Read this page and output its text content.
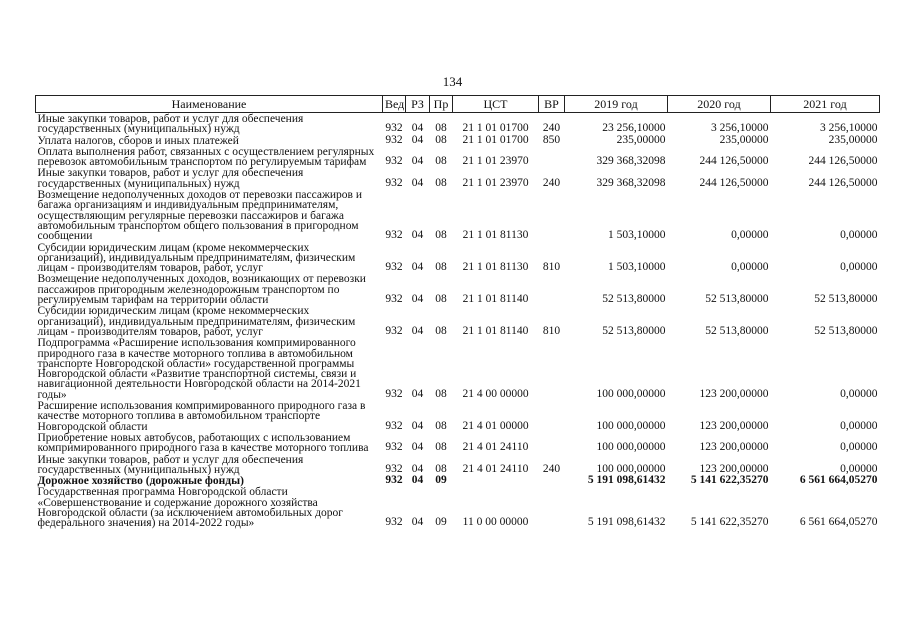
134
Наименование	Вед	РЗ	Пр	ЦСТ	ВР	2019 год	2020 год	2021 год
Иные закупки товаров, работ и услуг для обеспечения государственных (муниципальных) нужд	932	04	08	21 1 01 01700	240	23 256,10000	3 256,10000	3 256,10000
Уплата налогов, сборов и иных платежей	932	04	08	21 1 01 01700	850	235,00000	235,00000	235,00000
Оплата выполнения работ, связанных с осуществлением регулярных перевозок автомобильным транспортом по регулируемым тарифам	932	04	08	21 1 01 23970		329 368,32098	244 126,50000	244 126,50000
Иные закупки товаров, работ и услуг для обеспечения государственных (муниципальных) нужд	932	04	08	21 1 01 23970	240	329 368,32098	244 126,50000	244 126,50000
Возмещение недополученных доходов от перевозки пассажиров и багажа организациям и индивидуальным предпринимателям, осуществляющим регулярные перевозки пассажиров и багажа автомобильным транспортом общего пользования в пригородном сообщении	932	04	08	21 1 01 81130		1 503,10000	0,00000	0,00000
Субсидии юридическим лицам (кроме некоммерческих организаций), индивидуальным предпринимателям, физическим лицам - производителям товаров, работ, услуг	932	04	08	21 1 01 81130	810	1 503,10000	0,00000	0,00000
Возмещение недополученных доходов, возникающих от перевозки пассажиров пригородным железнодорожным транспортом по регулируемым тарифам на территории области	932	04	08	21 1 01 81140		52 513,80000	52 513,80000	52 513,80000
Субсидии юридическим лицам (кроме некоммерческих организаций), индивидуальным предпринимателям, физическим лицам - производителям товаров, работ, услуг	932	04	08	21 1 01 81140	810	52 513,80000	52 513,80000	52 513,80000
Подпрограмма «Расширение использования компримированного природного газа в качестве моторного топлива в автомобильном транспорте Новгородской области» государственной программы Новгородской области «Развитие транспортной системы, связи и навигационной деятельности Новгородской области на 2014-2021 годы»	932	04	08	21 4 00 00000		100 000,00000	123 200,00000	0,00000
Расширение использования компримированного природного газа в качестве моторного топлива в автомобильном транспорте Новгородской области	932	04	08	21 4 01 00000		100 000,00000	123 200,00000	0,00000
Приобретение новых автобусов, работающих с использованием компримированного природного газа в качестве моторного топлива	932	04	08	21 4 01 24110		100 000,00000	123 200,00000	0,00000
Иные закупки товаров, работ и услуг для обеспечения государственных (муниципальных) нужд	932	04	08	21 4 01 24110	240	100 000,00000	123 200,00000	0,00000
Дорожное хозяйство (дорожные фонды)	932	04	09			5 191 098,61432	5 141 622,35270	6 561 664,05270
Государственная программа Новгородской области «Совершенствование и содержание дорожного хозяйства Новгородской области (за исключением автомобильных дорог федерального значения) на 2014-2022 годы»	932	04	09	11 0 00 00000		5 191 098,61432	5 141 622,35270	6 561 664,05270
